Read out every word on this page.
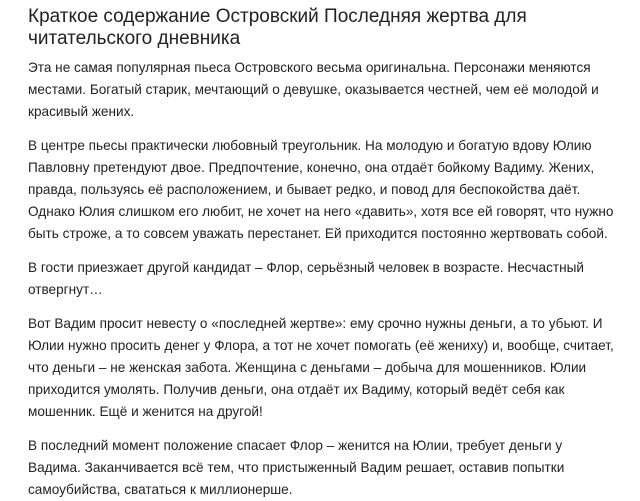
Краткое содержание Островский Последняя жертва для читательского дневника

Эта не самая популярная пьеса Островского весьма оригинальна. Персонажи меняются местами. Богатый старик, мечтающий о девушке, оказывается честней, чем её молодой и красивый жених.

В центре пьесы практически любовный треугольник. На молодую и богатую вдову Юлию Павловну претендуют двое. Предпочтение, конечно, она отдаёт бойкому Вадиму. Жених, правда, пользуясь её расположением, и бывает редко, и повод для беспокойства даёт. Однако Юлия слишком его любит, не хочет на него «давить», хотя все ей говорят, что нужно быть строже, а то совсем уважать перестанет. Ей приходится постоянно жертвовать собой.

В гости приезжает другой кандидат – Флор, серьёзный человек в возрасте. Несчастный отвергнут…

Вот Вадим просит невесту о «последней жертве»: ему срочно нужны деньги, а то убьют. И Юлии нужно просить денег у Флора, а тот не хочет помогать (её жениху) и, вообще, считает, что деньги – не женская забота. Женщина с деньгами – добыча для мошенников. Юлии приходится умолять. Получив деньги, она отдаёт их Вадиму, который ведёт себя как мошенник. Ещё и женится на другой!

В последний момент положение спасает Флор – женится на Юлии, требует деньги у Вадима. Заканчивается всё тем, что пристыженный Вадим решает, оставив попытки самоубийства, свататься к миллионерше.
